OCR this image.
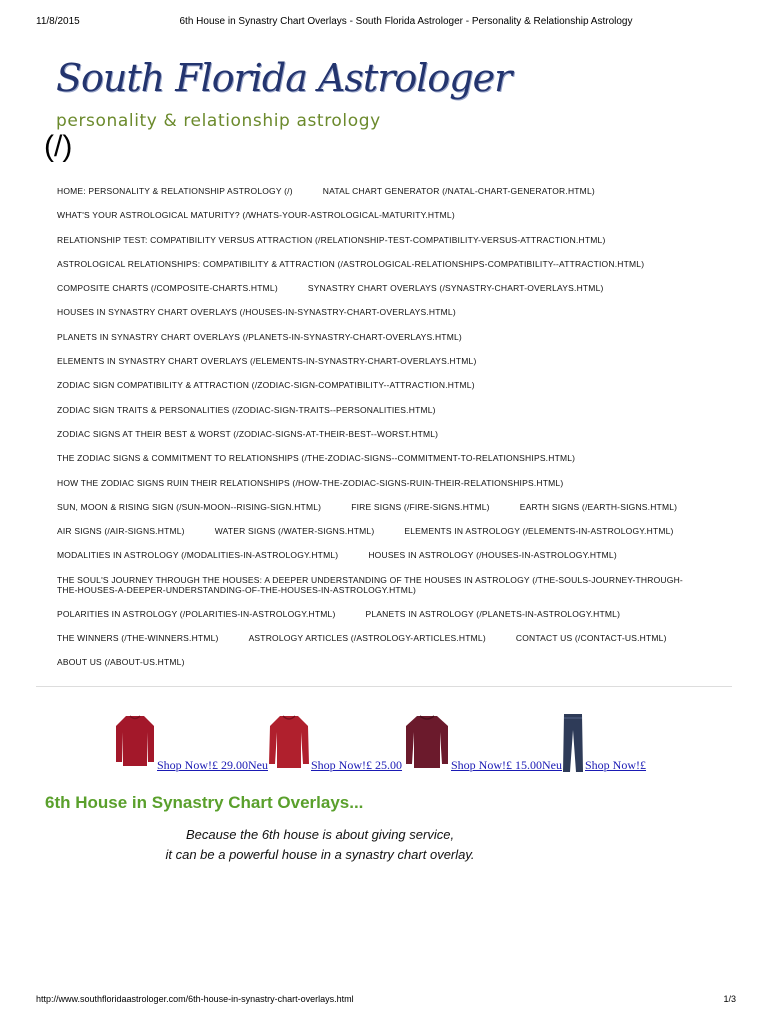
11/8/2015	6th House in Synastry Chart Overlays - South Florida Astrologer - Personality & Relationship Astrology
South Florida Astrologer
personality & relationship astrology
(/)
HOME: PERSONALITY & RELATIONSHIP ASTROLOGY (/)	NATAL CHART GENERATOR (/NATAL-CHART-GENERATOR.HTML)
WHAT'S YOUR ASTROLOGICAL MATURITY? (/WHATS-YOUR-ASTROLOGICAL-MATURITY.HTML)
RELATIONSHIP TEST: COMPATIBILITY VERSUS ATTRACTION (/RELATIONSHIP-TEST-COMPATIBILITY-VERSUS-ATTRACTION.HTML)
ASTROLOGICAL RELATIONSHIPS: COMPATIBILITY & ATTRACTION (/ASTROLOGICAL-RELATIONSHIPS-COMPATIBILITY--ATTRACTION.HTML)
COMPOSITE CHARTS (/COMPOSITE-CHARTS.HTML)	SYNASTRY CHART OVERLAYS (/SYNASTRY-CHART-OVERLAYS.HTML)
HOUSES IN SYNASTRY CHART OVERLAYS (/HOUSES-IN-SYNASTRY-CHART-OVERLAYS.HTML)
PLANETS IN SYNASTRY CHART OVERLAYS (/PLANETS-IN-SYNASTRY-CHART-OVERLAYS.HTML)
ELEMENTS IN SYNASTRY CHART OVERLAYS (/ELEMENTS-IN-SYNASTRY-CHART-OVERLAYS.HTML)
ZODIAC SIGN COMPATIBILITY & ATTRACTION (/ZODIAC-SIGN-COMPATIBILITY--ATTRACTION.HTML)
ZODIAC SIGN TRAITS & PERSONALITIES (/ZODIAC-SIGN-TRAITS--PERSONALITIES.HTML)
ZODIAC SIGNS AT THEIR BEST & WORST (/ZODIAC-SIGNS-AT-THEIR-BEST--WORST.HTML)
THE ZODIAC SIGNS & COMMITMENT TO RELATIONSHIPS (/THE-ZODIAC-SIGNS--COMMITMENT-TO-RELATIONSHIPS.HTML)
HOW THE ZODIAC SIGNS RUIN THEIR RELATIONSHIPS (/HOW-THE-ZODIAC-SIGNS-RUIN-THEIR-RELATIONSHIPS.HTML)
SUN, MOON & RISING SIGN (/SUN-MOON--RISING-SIGN.HTML)	FIRE SIGNS (/FIRE-SIGNS.HTML)	EARTH SIGNS (/EARTH-SIGNS.HTML)
AIR SIGNS (/AIR-SIGNS.HTML)	WATER SIGNS (/WATER-SIGNS.HTML)	ELEMENTS IN ASTROLOGY (/ELEMENTS-IN-ASTROLOGY.HTML)
MODALITIES IN ASTROLOGY (/MODALITIES-IN-ASTROLOGY.HTML)	HOUSES IN ASTROLOGY (/HOUSES-IN-ASTROLOGY.HTML)
THE SOUL'S JOURNEY THROUGH THE HOUSES: A DEEPER UNDERSTANDING OF THE HOUSES IN ASTROLOGY (/THE-SOULS-JOURNEY-THROUGH-THE-HOUSES-A-DEEPER-UNDERSTANDING-OF-THE-HOUSES-IN-ASTROLOGY.HTML)
POLARITIES IN ASTROLOGY (/POLARITIES-IN-ASTROLOGY.HTML)	PLANETS IN ASTROLOGY (/PLANETS-IN-ASTROLOGY.HTML)
THE WINNERS (/THE-WINNERS.HTML)	ASTROLOGY ARTICLES (/ASTROLOGY-ARTICLES.HTML)	CONTACT US (/CONTACT-US.HTML)
ABOUT US (/ABOUT-US.HTML)
Shop Now!£ 29.00Neu	Shop Now!£ 25.00	Shop Now!£ 15.00Neu Shop Now!£
6th House in Synastry Chart Overlays...
Because the 6th house is about giving service,
it can be a powerful house in a synastry chart overlay.
http://www.southfloridaastrologer.com/6th-house-in-synastry-chart-overlays.html	1/3
